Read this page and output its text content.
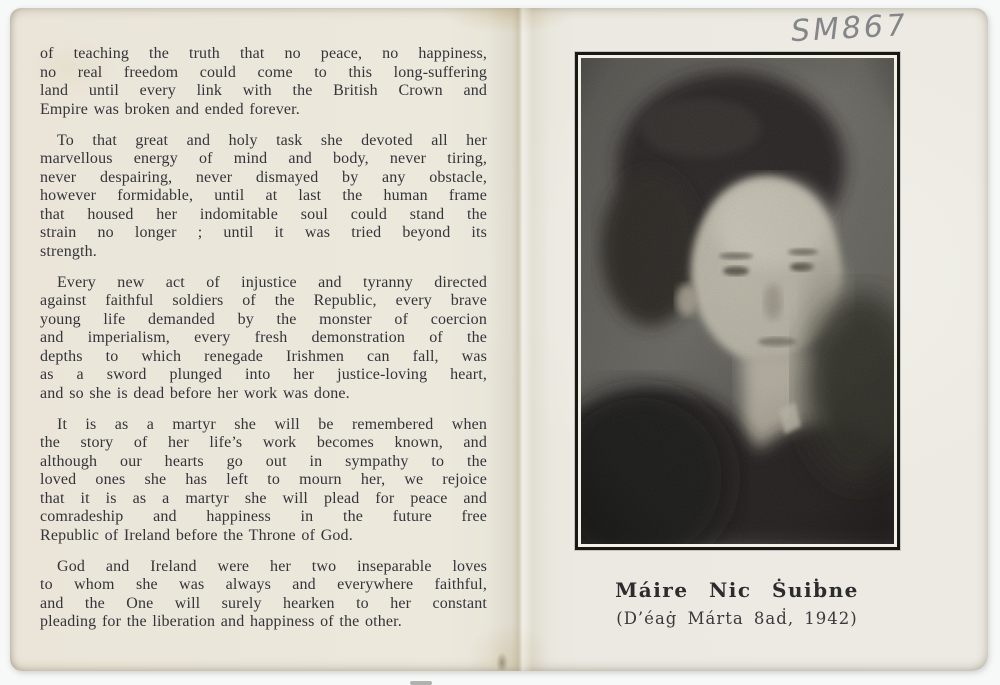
of teaching the truth that no peace, no happiness,
no real freedom could come to this long-suffering
land until every link with the British Crown and
Empire was broken and ended forever.
To that great and holy task she devoted all her
marvellous energy of mind and body, never tiring,
never despairing, never dismayed by any obstacle,
however formidable, until at last the human frame
that housed her indomitable soul could stand the
strain no longer ; until it was tried beyond its
strength.
Every new act of injustice and tyranny directed
against faithful soldiers of the Republic, every brave
young life demanded by the monster of coercion
and imperialism, every fresh demonstration of the
depths to which renegade Irishmen can fall, was
as a sword plunged into her justice-loving heart,
and so she is dead before her work was done.
It is as a martyr she will be remembered when
the story of her life’s work becomes known, and
although our hearts go out in sympathy to the
loved ones she has left to mourn her, we rejoice
that it is as a martyr she will plead for peace and
comradeship and happiness in the future free
Republic of Ireland before the Throne of God.
God and Ireland were her two inseparable loves
to whom she was always and everywhere faithful,
and the One will surely hearken to her constant
pleading for the liberation and happiness of the other.
Máire Nic Ṡuiḃne
(D’éaġ Márta 8aḋ, 1942)
SM867
